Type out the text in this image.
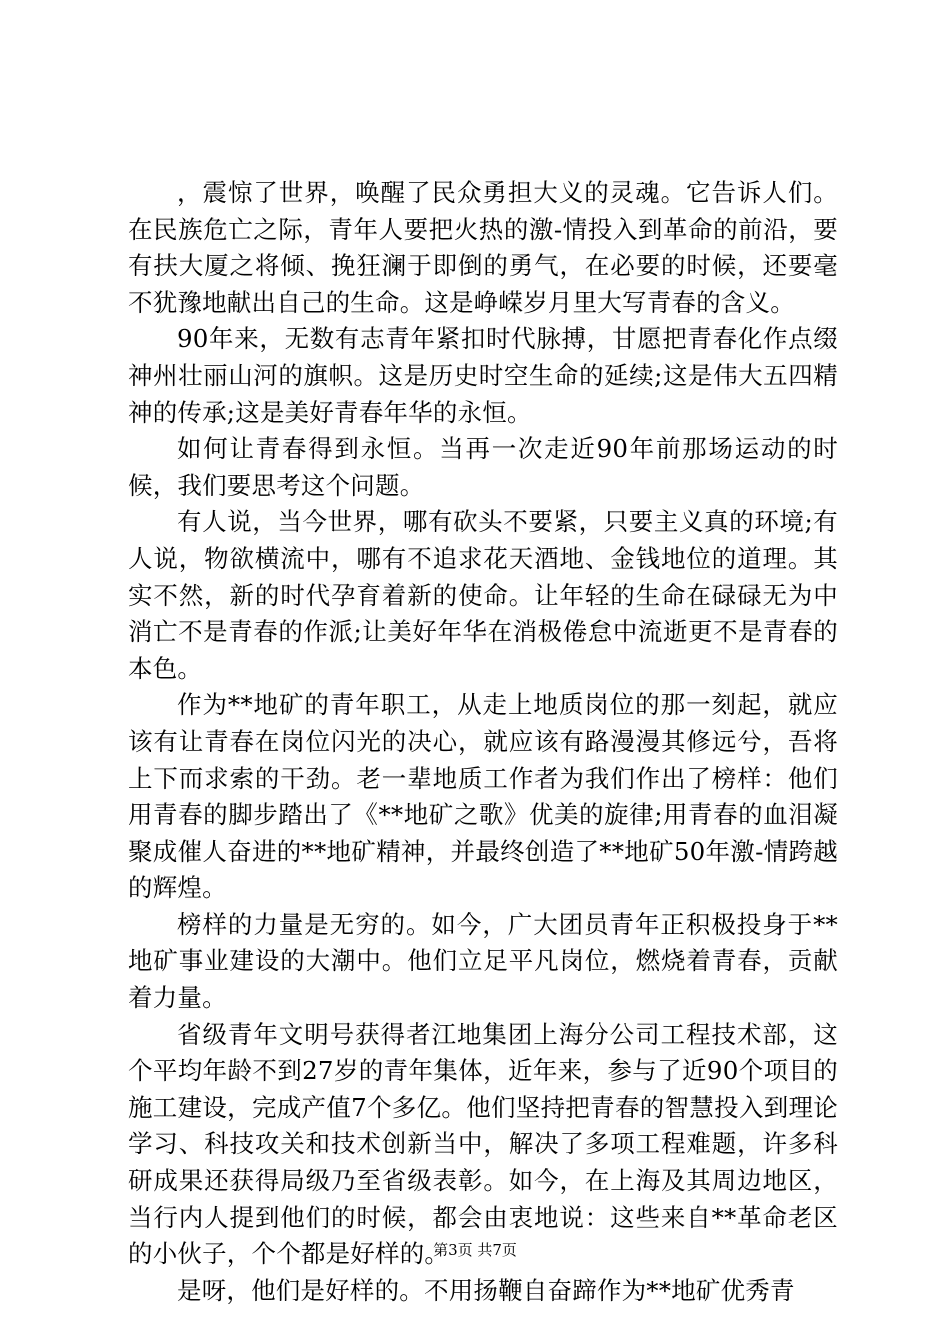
，震惊了世界，唤醒了民众勇担大义的灵魂。它告诉人们。在民族危亡之际，青年人要把火热的激-情投入到革命的前沿，要有扶大厦之将倾、挽狂澜于即倒的勇气，在必要的时候，还要毫不犹豫地献出自己的生命。这是峥嵘岁月里大写青春的含义。

90年来，无数有志青年紧扣时代脉搏，甘愿把青春化作点缀神州壮丽山河的旗帜。这是历史时空生命的延续;这是伟大五四精神的传承;这是美好青春年华的永恒。

如何让青春得到永恒。当再一次走近90年前那场运动的时候，我们要思考这个问题。

有人说，当今世界，哪有砍头不要紧，只要主义真的环境;有人说，物欲横流中，哪有不追求花天酒地、金钱地位的道理。其实不然，新的时代孕育着新的使命。让年轻的生命在碌碌无为中消亡不是青春的作派;让美好年华在消极倦怠中流逝更不是青春的本色。

作为**地矿的青年职工，从走上地质岗位的那一刻起，就应该有让青春在岗位闪光的决心，就应该有路漫漫其修远兮，吾将上下而求索的干劲。老一辈地质工作者为我们作出了榜样：他们用青春的脚步踏出了《**地矿之歌》优美的旋律;用青春的血泪凝聚成催人奋进的**地矿精神，并最终创造了**地矿50年激-情跨越的辉煌。

榜样的力量是无穷的。如今，广大团员青年正积极投身于**地矿事业建设的大潮中。他们立足平凡岗位，燃烧着青春，贡献着力量。

省级青年文明号获得者江地集团上海分公司工程技术部，这个平均年龄不到27岁的青年集体，近年来，参与了近90个项目的施工建设，完成产值7个多亿。他们坚持把青春的智慧投入到理论学习、科技攻关和技术创新当中，解决了多项工程难题，许多科研成果还获得局级乃至省级表彰。如今，在上海及其周边地区，当行内人提到他们的时候，都会由衷地说：这些来自**革命老区的小伙子，个个都是好样的。

是呀，他们是好样的。不用扬鞭自奋蹄作为**地矿优秀青

第3页 共7页
